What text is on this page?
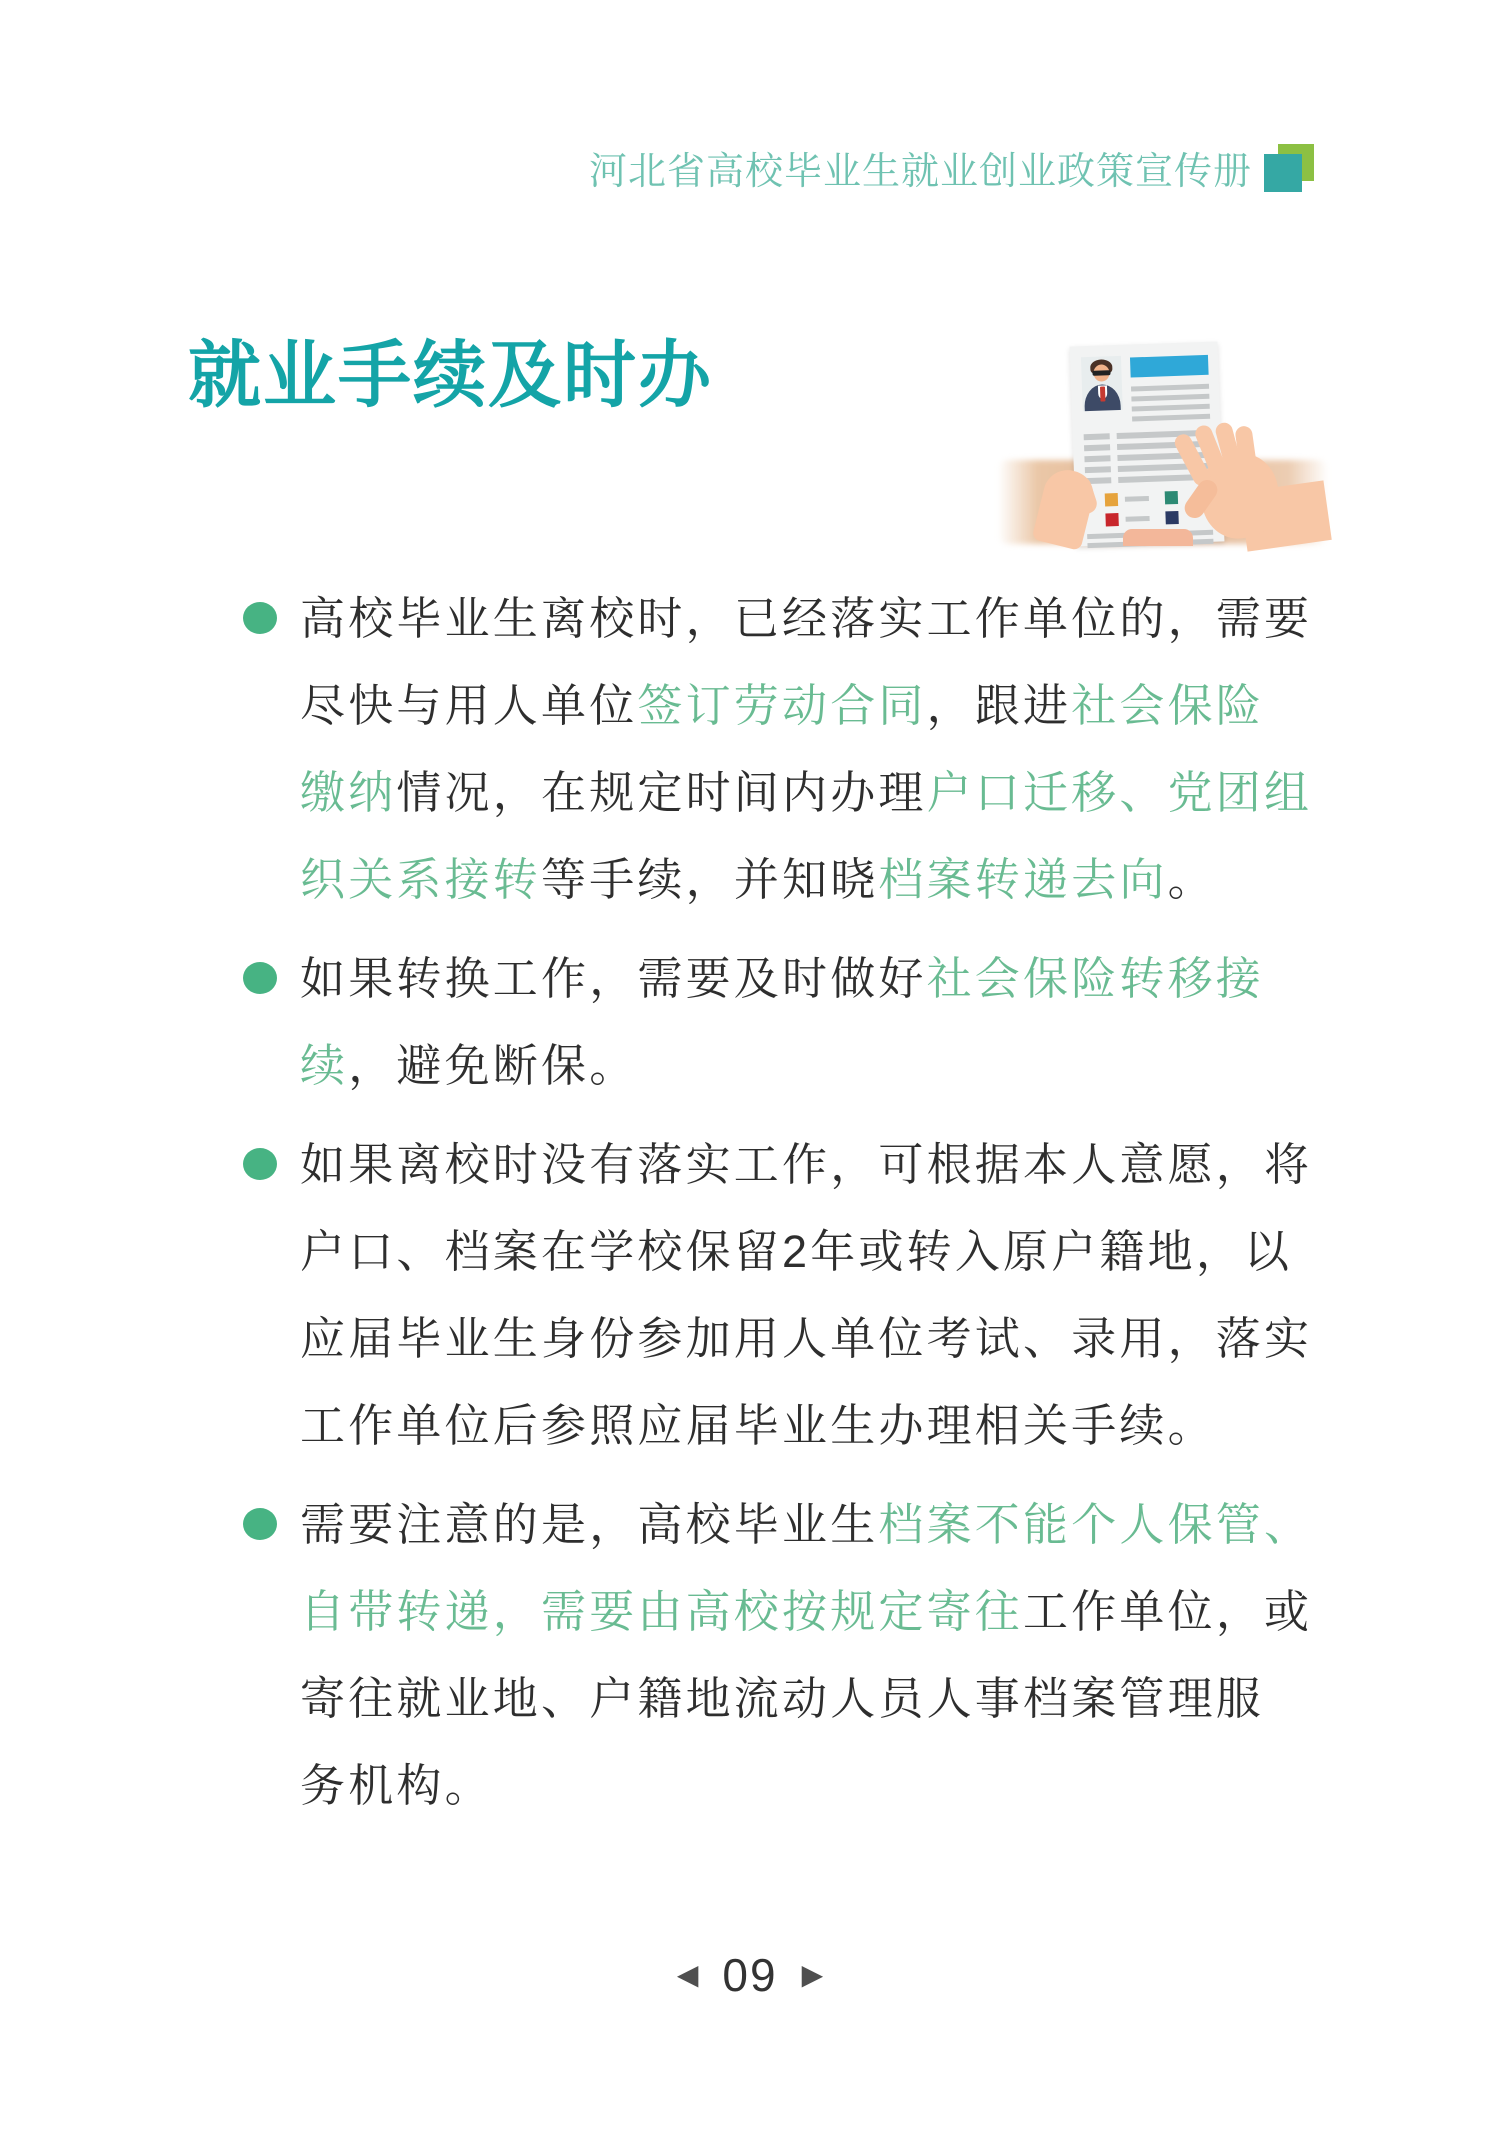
河北省高校毕业生就业创业政策宣传册
就业手续及时办
高校毕业生离校时，已经落实工作单位的，需要
尽快与用人单位签订劳动合同，跟进社会保险
缴纳情况，在规定时间内办理户口迁移、党团组
织关系接转等手续，并知晓档案转递去向。
如果转换工作，需要及时做好社会保险转移接
续，避免断保。
如果离校时没有落实工作，可根据本人意愿，将
户口、档案在学校保留2年或转入原户籍地，以
应届毕业生身份参加用人单位考试、录用，落实
工作单位后参照应届毕业生办理相关手续。
需要注意的是，高校毕业生档案不能个人保管、
自带转递，需要由高校按规定寄往工作单位，或
寄往就业地、户籍地流动人员人事档案管理服
务机构。
◀ 09 ▶
